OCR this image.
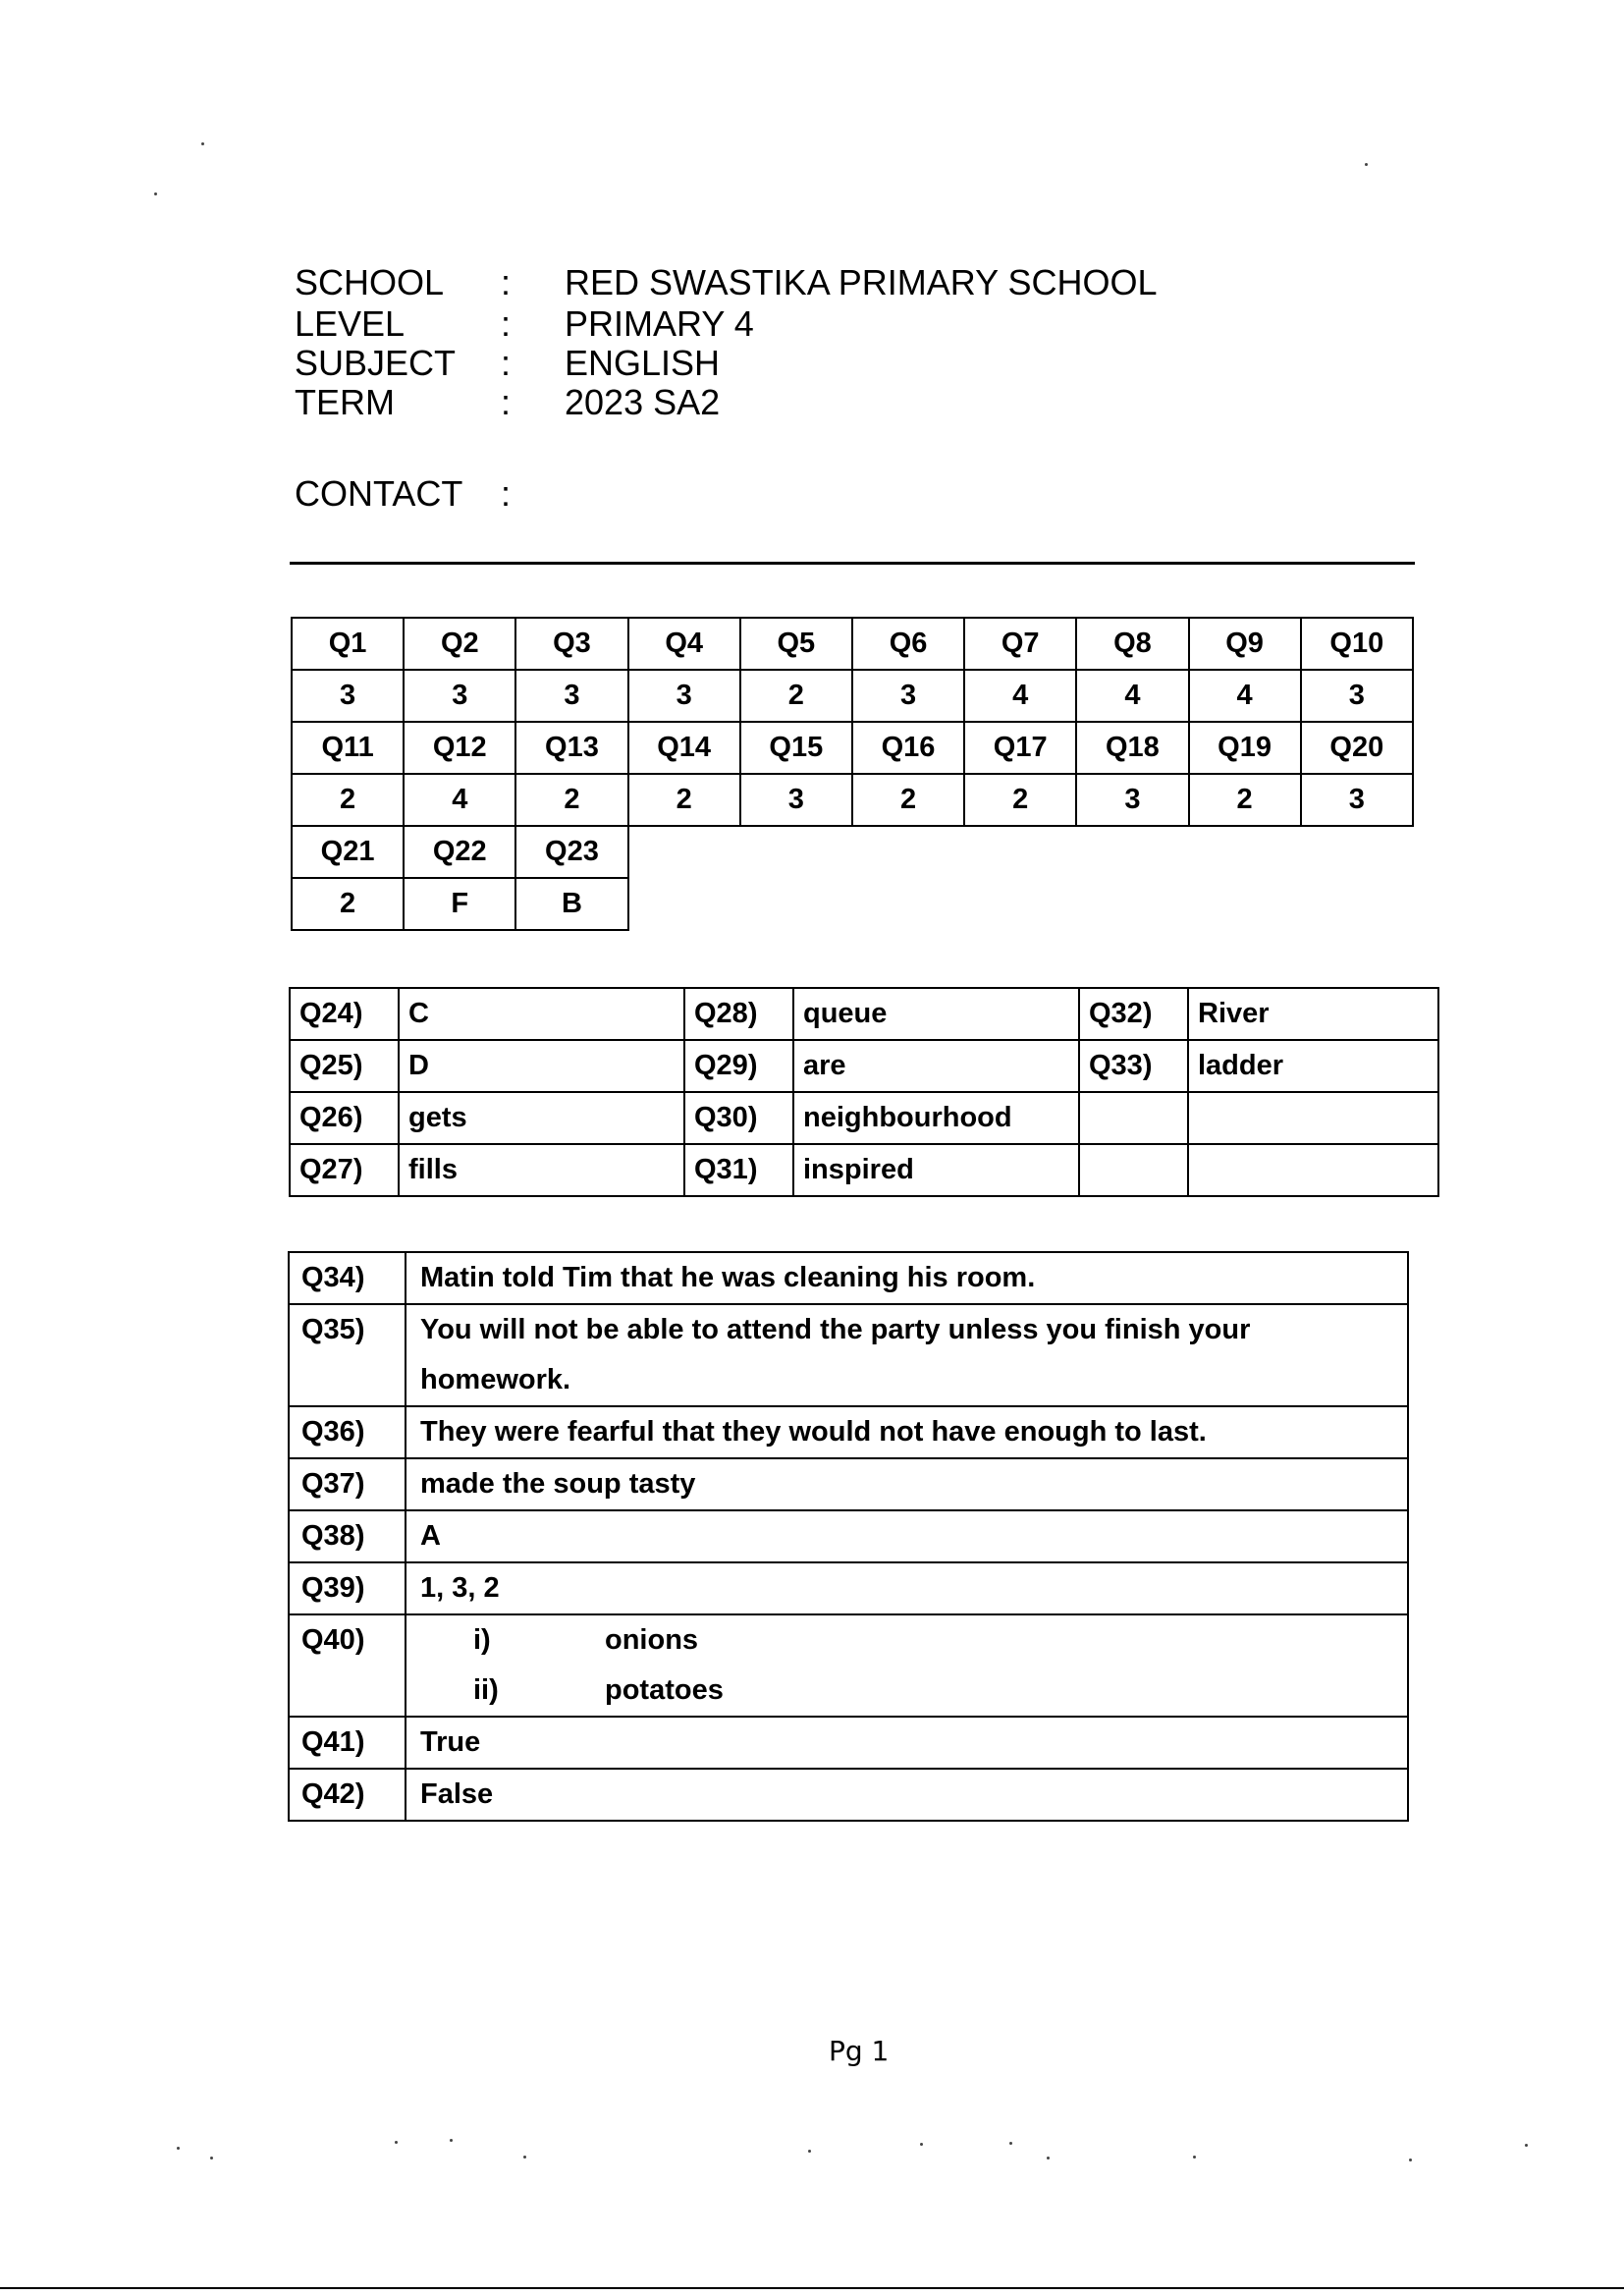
SCHOOL : RED SWASTIKA PRIMARY SCHOOL
LEVEL	: PRIMARY 4
SUBJECT : ENGLISH
TERM	: 2023 SA2
CONTACT :
Q1	Q2	Q3	Q4	Q5	Q6	Q7	Q8	Q9	Q10
3	3	3	3	2	3	4	4	4	3
Q11	Q12	Q13	Q14	Q15	Q16	Q17	Q18	Q19	Q20
2	4	2	2	3	2	2	3	2	3
Q21	Q22	Q23							
2	F	B							
Q24)	C	Q28)	queue	Q32)	River
Q25)	D	Q29)	are	Q33)	ladder
Q26)	gets	Q30)	neighbourhood		
Q27)	fills	Q31)	inspired		
Q34)	Matin told Tim that he was cleaning his room.

Q35)	You will not be able to attend the party unless you finish your
homework.

Q36)	They were fearful that they would not have enough to last.

Q37)	made the soup tasty

Q38)	A

Q39)	1, 3, 2

Q40)	i) onions
ii) potatoes

Q41)	True

Q42)	False
Pg 1
